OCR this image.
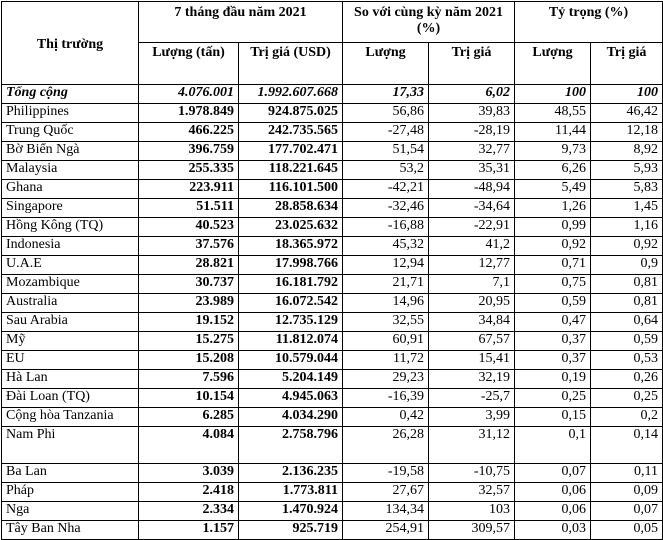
Thị trường	7 tháng đầu năm 2021		So với cùng kỳ năm 2021 (%)		Tỷ trọng (%)	
	Lượng (tấn)	Trị giá (USD)	Lượng	Trị giá	Lượng	Trị giá
Tổng cộng	4.076.001	1.992.607.668	17,33	6,02	100	100
Philippines	1.978.849	924.875.025	56,86	39,83	48,55	46,42
Trung Quốc	466.225	242.735.565	-27,48	-28,19	11,44	12,18
Bờ Biển Ngà	396.759	177.702.471	51,54	32,77	9,73	8,92
Malaysia	255.335	118.221.645	53,2	35,31	6,26	5,93
Ghana	223.911	116.101.500	-42,21	-48,94	5,49	5,83
Singapore	51.511	28.858.634	-32,46	-34,64	1,26	1,45
Hồng Kông (TQ)	40.523	23.025.632	-16,88	-22,91	0,99	1,16
Indonesia	37.576	18.365.972	45,32	41,2	0,92	0,92
U.A.E	28.821	17.998.766	12,94	12,77	0,71	0,9
Mozambique	30.737	16.181.792	21,71	7,1	0,75	0,81
Australia	23.989	16.072.542	14,96	20,95	0,59	0,81
Sau Arabia	19.152	12.735.129	32,55	34,84	0,47	0,64
Mỹ	15.275	11.812.074	60,91	67,57	0,37	0,59
EU	15.208	10.579.044	11,72	15,41	0,37	0,53
Hà Lan	7.596	5.204.149	29,23	32,19	0,19	0,26
Đài Loan (TQ)	10.154	4.945.063	-16,39	-25,7	0,25	0,25
Cộng hòa Tanzania	6.285	4.034.290	0,42	3,99	0,15	0,2
Nam Phi	4.084	2.758.796	26,28	31,12	0,1	0,14
Ba Lan	3.039	2.136.235	-19,58	-10,75	0,07	0,11
Pháp	2.418	1.773.811	27,67	32,57	0,06	0,09
Nga	2.334	1.470.924	134,34	103	0,06	0,07
Tây Ban Nha	1.157	925.719	254,91	309,57	0,03	0,05
